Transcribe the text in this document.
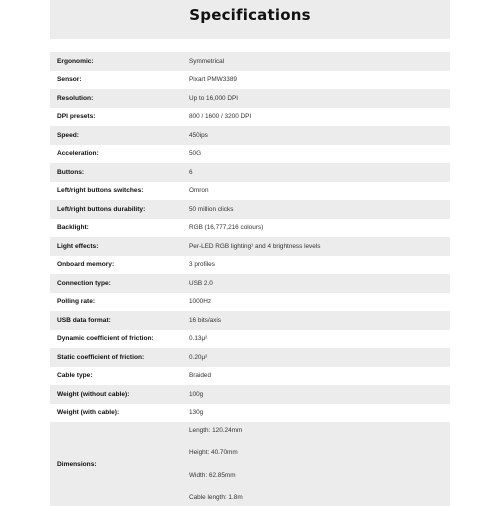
Specifications
Ergonomic:	Symmetrical
Sensor:	Pixart PMW3389
Resolution:	Up to 16,000 DPI
DPI presets:	800 / 1600 / 3200 DPI
Speed:	450ips
Acceleration:	50G
Buttons:	6
Left/right buttons switches:	Omron
Left/right buttons durability:	50 million clicks
Backlight:	RGB (16,777,216 colours)
Light effects:	Per-LED RGB lighting¹ and 4 brightness levels
Onboard memory:	3 profiles
Connection type:	USB 2.0
Polling rate:	1000Hz
USB data format:	16 bits/axis
Dynamic coefficient of friction:	0.13μ²
Static coefficient of friction:	0.20μ²
Cable type:	Braided
Weight (without cable):	100g
Weight (with cable):	130g
Dimensions:
Length: 120.24mm
Height: 40.70mm
Width: 62.85mm
Cable length: 1.8m
